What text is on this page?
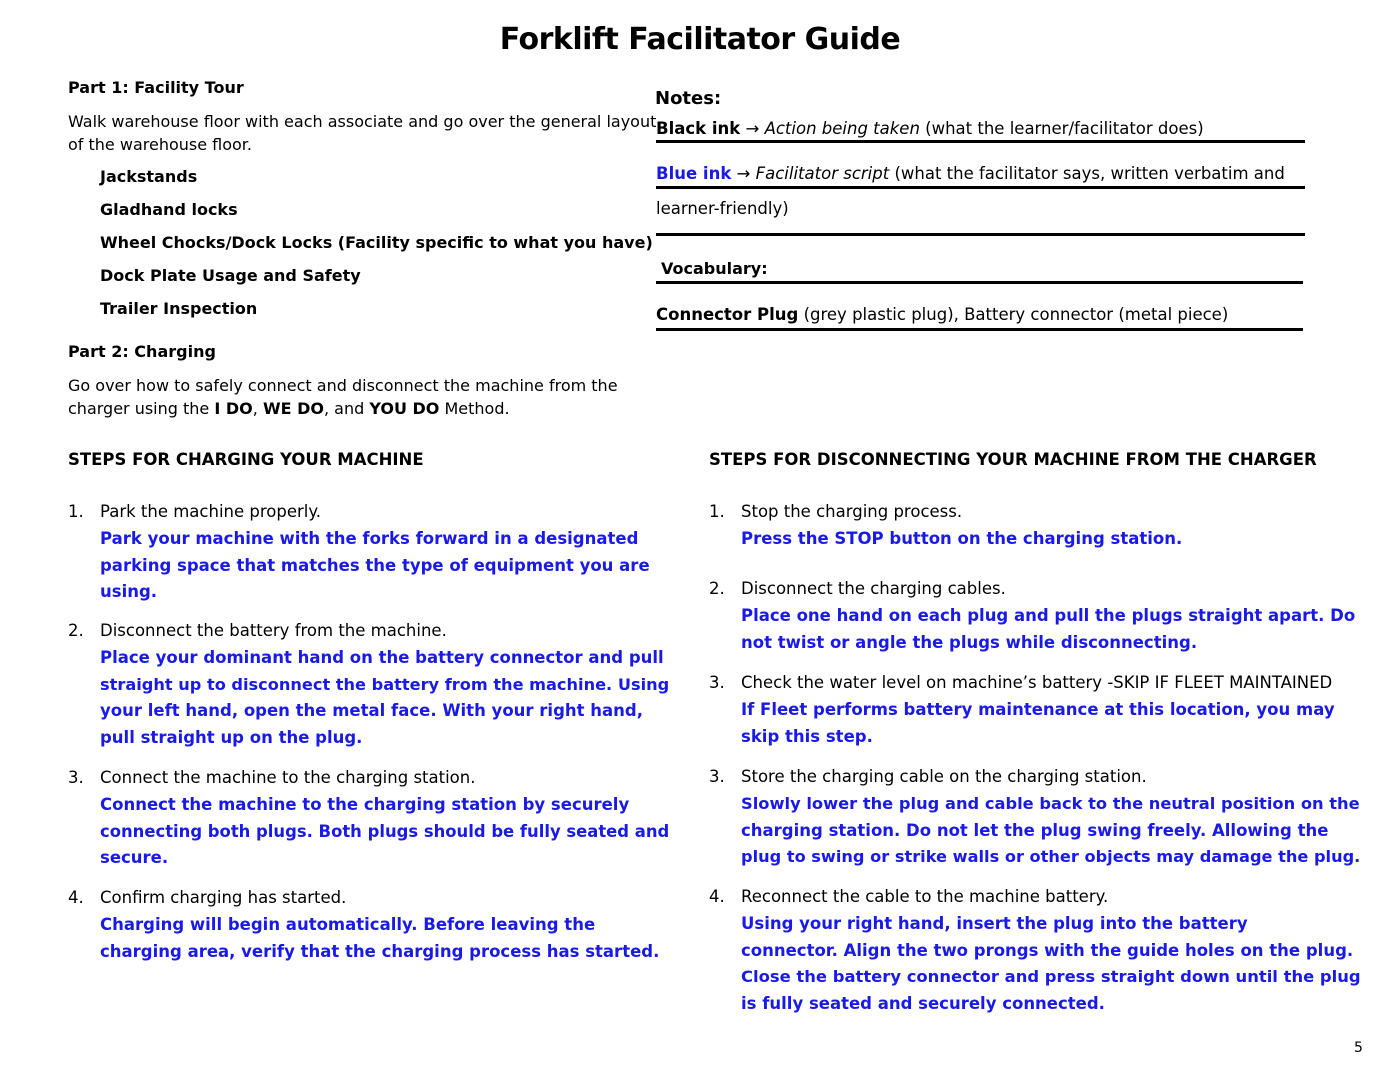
Forklift Facilitator Guide
Part 1: Facility Tour
Walk warehouse floor with each associate and go over the general layout
of the warehouse floor.
Jackstands
Gladhand locks
Wheel Chocks/Dock Locks (Facility specific to what you have)
Dock Plate Usage and Safety
Trailer Inspection
Part 2: Charging
Go over how to safely connect and disconnect the machine from the
charger using the I DO, WE DO, and YOU DO Method.
Notes:
Black ink → Action being taken (what the learner/facilitator does)
Blue ink → Facilitator script (what the facilitator says, written verbatim and
learner-friendly)
Vocabulary:
Connector Plug (grey plastic plug), Battery connector (metal piece)
STEPS FOR CHARGING YOUR MACHINE
1. Park the machine properly.
Park your machine with the forks forward in a designated
parking space that matches the type of equipment you are
using.
2. Disconnect the battery from the machine.
Place your dominant hand on the battery connector and pull
straight up to disconnect the battery from the machine. Using
your left hand, open the metal face. With your right hand,
pull straight up on the plug.
3. Connect the machine to the charging station.
Connect the machine to the charging station by securely
connecting both plugs. Both plugs should be fully seated and
secure.
4. Confirm charging has started.
Charging will begin automatically. Before leaving the
charging area, verify that the charging process has started.
STEPS FOR DISCONNECTING YOUR MACHINE FROM THE CHARGER
1. Stop the charging process.
Press the STOP button on the charging station.
2. Disconnect the charging cables.
Place one hand on each plug and pull the plugs straight apart. Do
not twist or angle the plugs while disconnecting.
3. Check the water level on machine’s battery -SKIP IF FLEET MAINTAINED
If Fleet performs battery maintenance at this location, you may
skip this step.
3. Store the charging cable on the charging station.
Slowly lower the plug and cable back to the neutral position on the
charging station. Do not let the plug swing freely. Allowing the
plug to swing or strike walls or other objects may damage the plug.
4. Reconnect the cable to the machine battery.
Using your right hand, insert the plug into the battery
connector. Align the two prongs with the guide holes on the plug.
Close the battery connector and press straight down until the plug
is fully seated and securely connected.
5
